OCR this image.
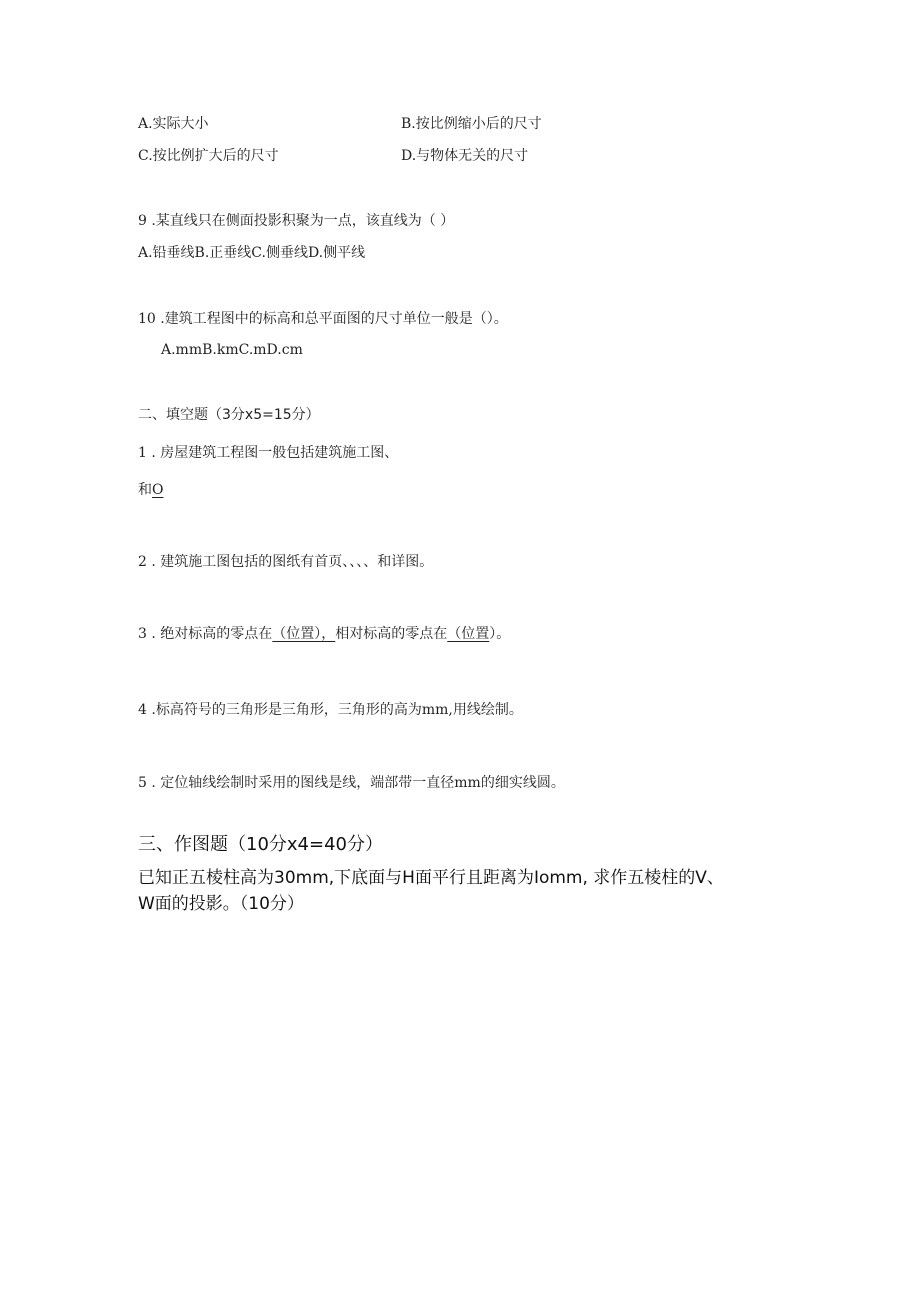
A.实际大小	B.按比例缩小后的尺寸
C.按比例扩大后的尺寸	D.与物体无关的尺寸
9 .某直线只在侧面投影积聚为一点，该直线为（ ）
A.铅垂线B.正垂线C.侧垂线D.侧平线
10 .建筑工程图中的标高和总平面图的尺寸单位一般是（）。
A.mmB.kmC.mD.cm
二、填空题（3分x5=15分）
1 . 房屋建筑工程图一般包括建筑施工图、
和O
2 . 建筑施工图包括的图纸有首页、、、、和详图。
3 . 绝对标高的零点在（位置），相对标高的零点在（位置）。
4 .标高符号的三角形是三角形，三角形的高为mm,用线绘制。
5 . 定位轴线绘制时采用的图线是线，端部带一直径mm的细实线圆。
三、作图题（10分x4=40分）
已知正五棱柱高为30mm,下底面与H面平行且距离为Iomm, 求作五棱柱的V、
W面的投影。（10分）
